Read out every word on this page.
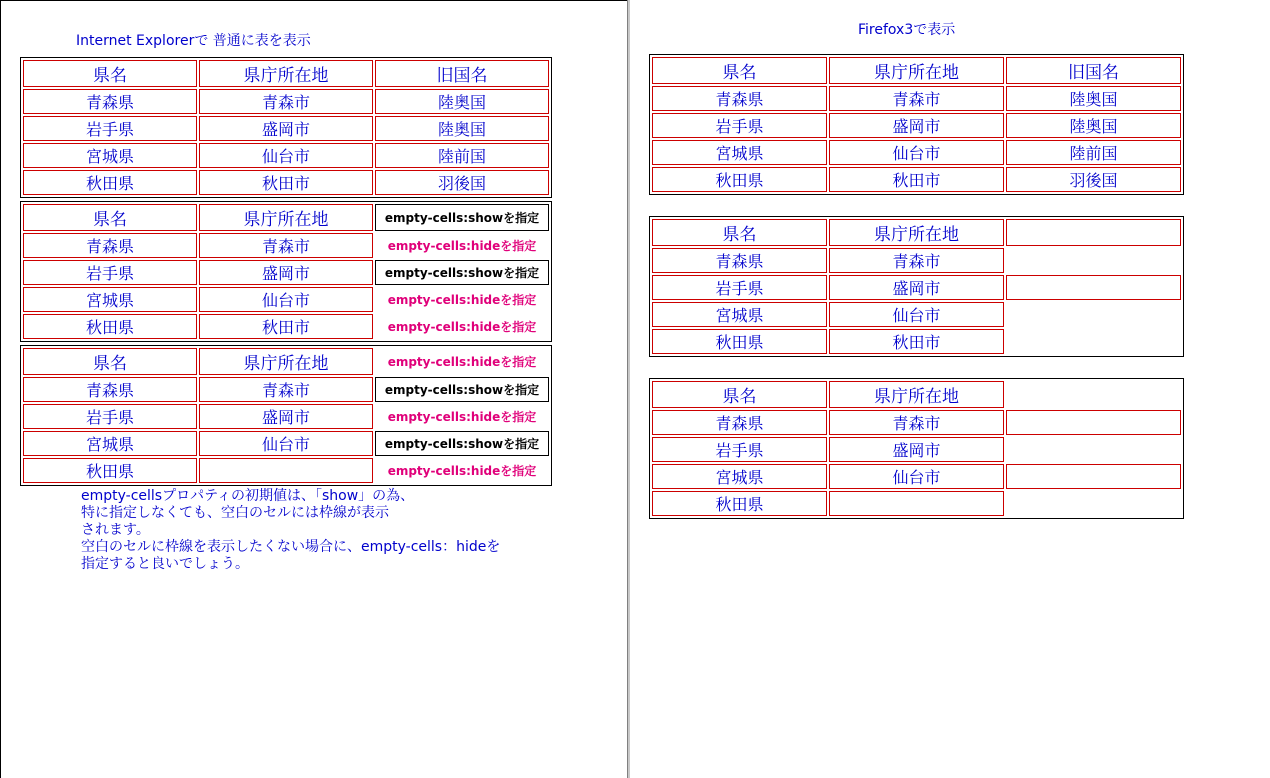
Internet Explorerで 普通に表を表示
県名	県庁所在地	旧国名
青森県	青森市	陸奥国
岩手県	盛岡市	陸奥国
宮城県	仙台市	陸前国
秋田県	秋田市	羽後国
県名	県庁所在地	empty-cells:showを指定
青森県	青森市	empty-cells:hideを指定
岩手県	盛岡市	empty-cells:showを指定
宮城県	仙台市	empty-cells:hideを指定
秋田県	秋田市	empty-cells:hideを指定
県名	県庁所在地	empty-cells:hideを指定
青森県	青森市	empty-cells:showを指定
岩手県	盛岡市	empty-cells:hideを指定
宮城県	仙台市	empty-cells:showを指定
秋田県		empty-cells:hideを指定
empty-cellsプロパティの初期値は、「show」の為、
特に指定しなくても、空白のセルには枠線が表示
されます。
空白のセルに枠線を表示したくない場合に、empty-cells：hideを
指定すると良いでしょう。
Firefox3で表示
県名	県庁所在地	旧国名
青森県	青森市	陸奥国
岩手県	盛岡市	陸奥国
宮城県	仙台市	陸前国
秋田県	秋田市	羽後国
県名	県庁所在地	
青森県	青森市	
岩手県	盛岡市	
宮城県	仙台市	
秋田県	秋田市	
県名	県庁所在地	
青森県	青森市	
岩手県	盛岡市	
宮城県	仙台市	
秋田県		
